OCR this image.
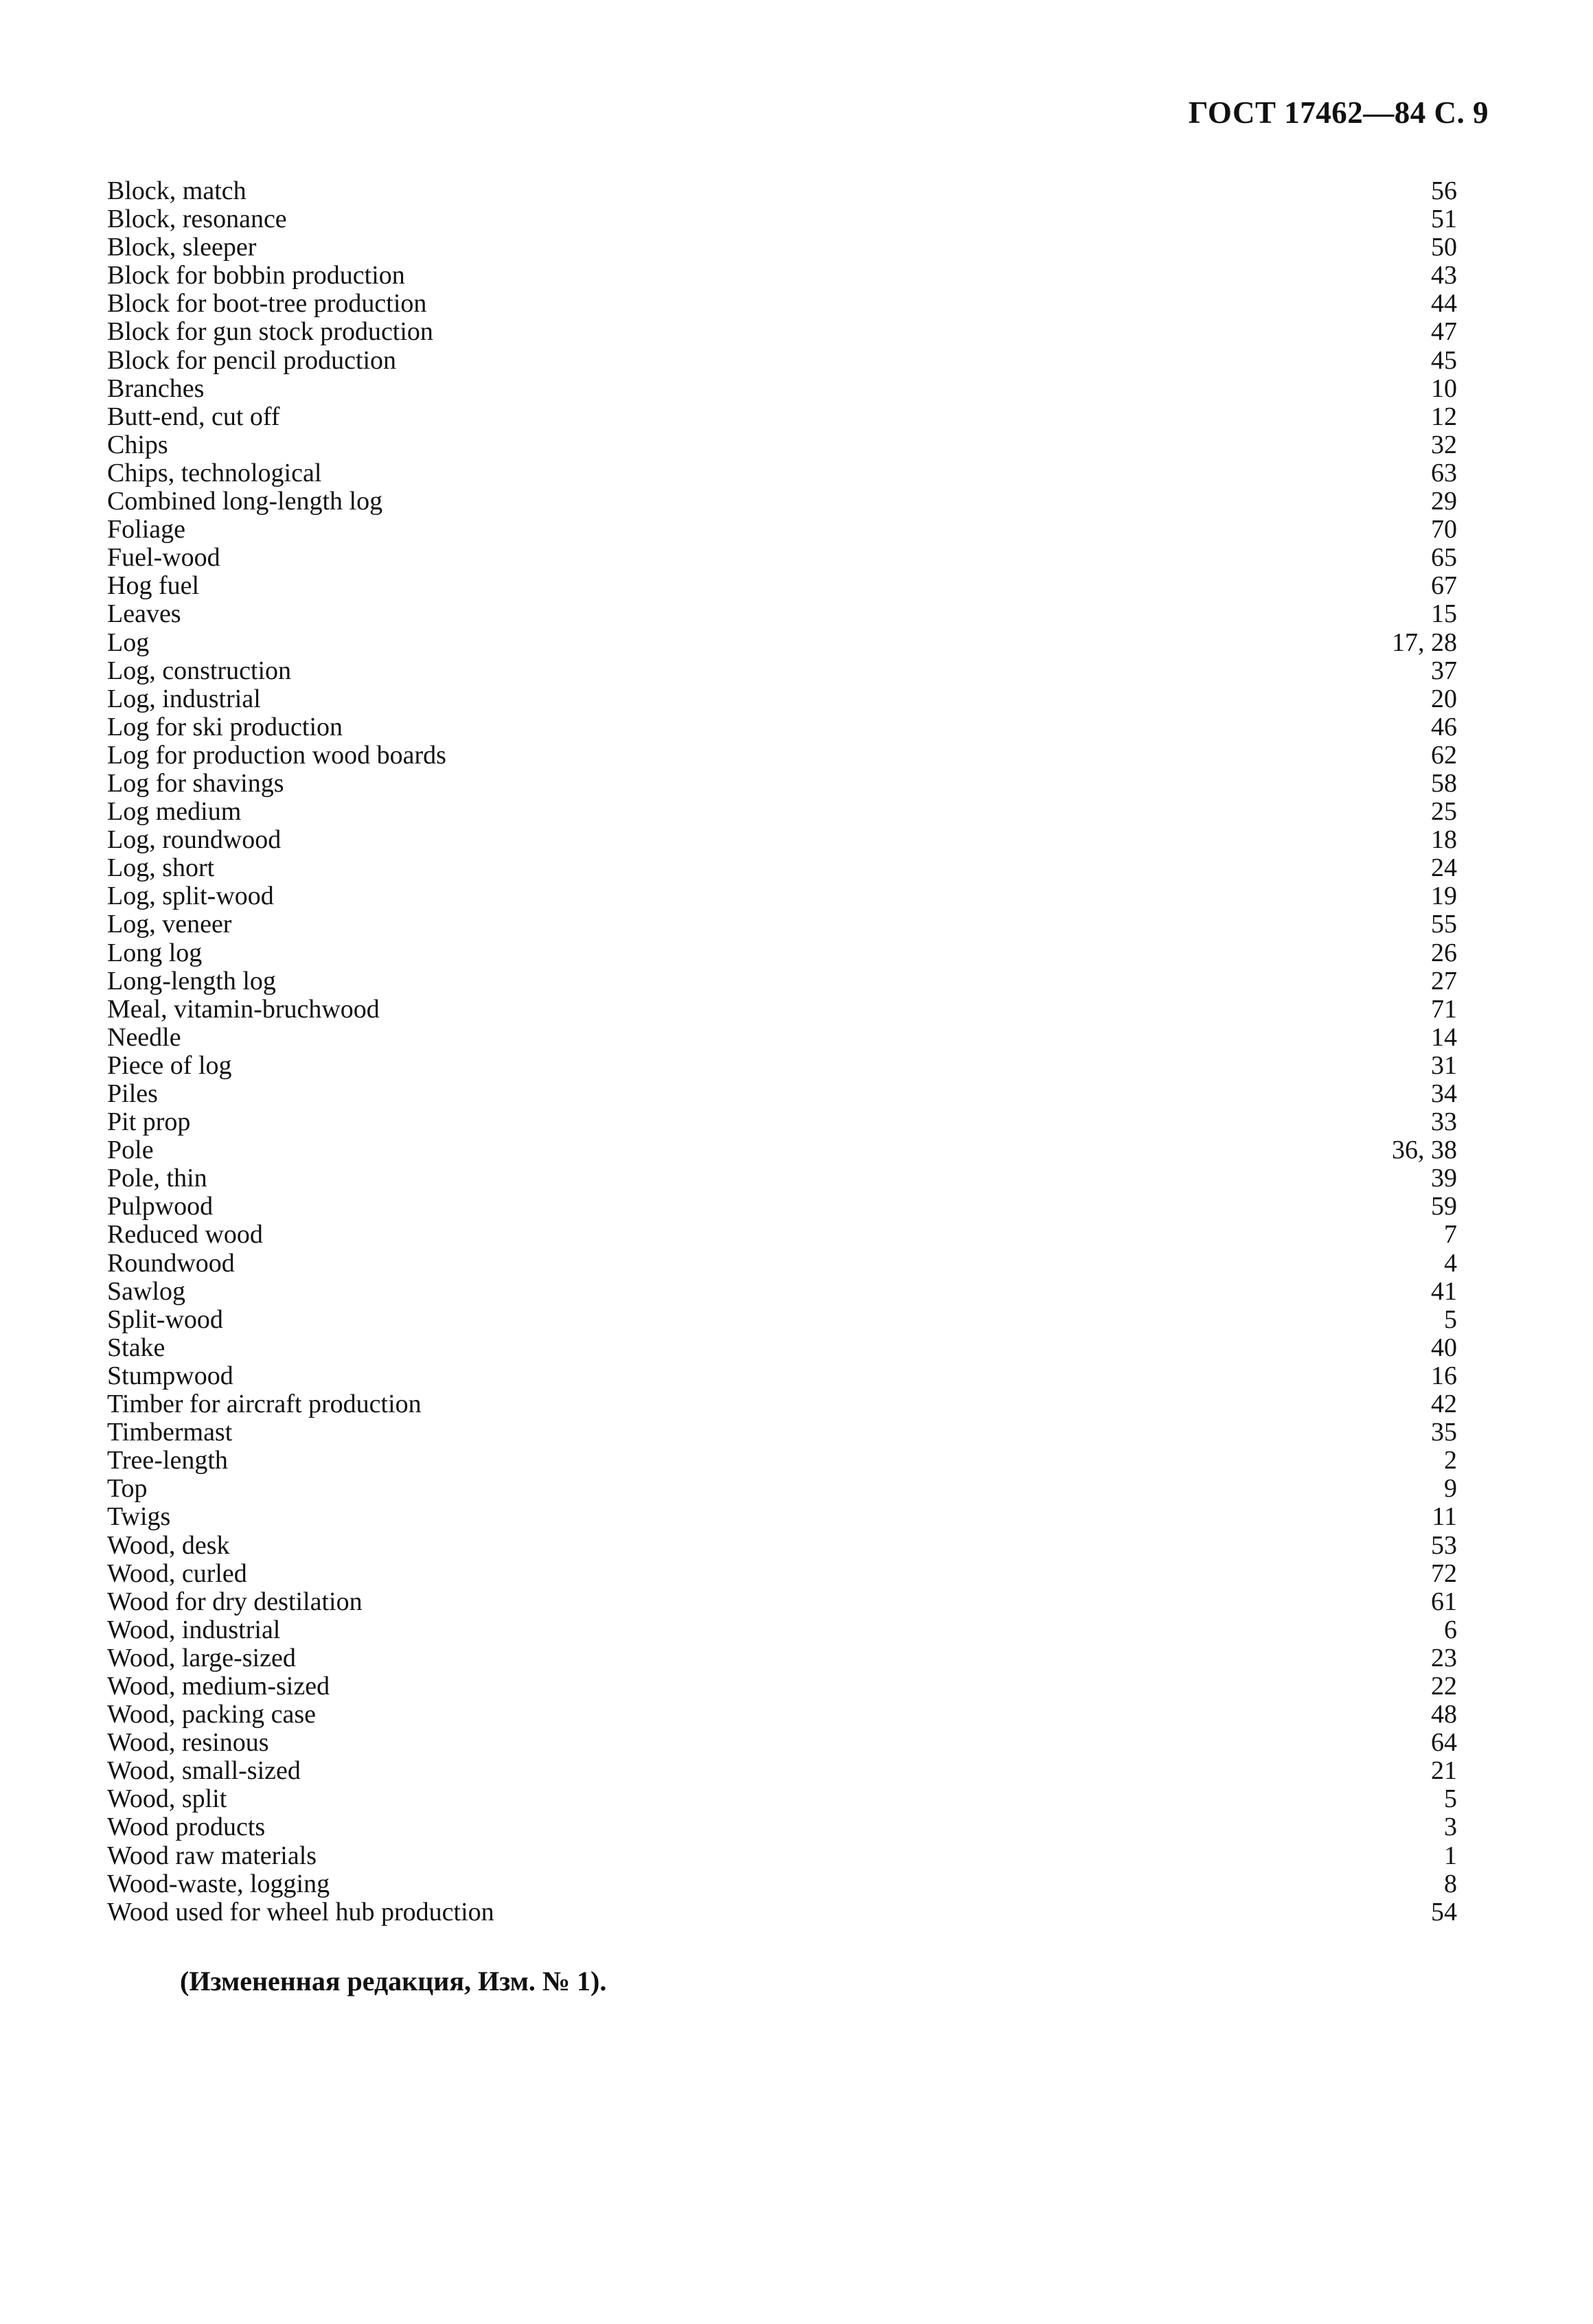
ГОСТ 17462—84 С. 9
Block, match	56
Block, resonance	51
Block, sleeper	50
Block for bobbin production	43
Block for boot-tree production	44
Block for gun stock production	47
Block for pencil production	45
Branches	10
Butt-end, cut off	12
Chips	32
Chips, technological	63
Combined long-length log	29
Foliage	70
Fuel-wood	65
Hog fuel	67
Leaves	15
Log	17, 28
Log, construction	37
Log, industrial	20
Log for ski production	46
Log for production wood boards	62
Log for shavings	58
Log medium	25
Log, roundwood	18
Log, short	24
Log, split-wood	19
Log, veneer	55
Long log	26
Long-length log	27
Meal, vitamin-bruchwood	71
Needle	14
Piece of log	31
Piles	34
Pit prop	33
Pole	36, 38
Pole, thin	39
Pulpwood	59
Reduced wood	7
Roundwood	4
Sawlog	41
Split-wood	5
Stake	40
Stumpwood	16
Timber for aircraft production	42
Timbermast	35
Tree-length	2
Top	9
Twigs	11
Wood, desk	53
Wood, curled	72
Wood for dry destilation	61
Wood, industrial	6
Wood, large-sized	23
Wood, medium-sized	22
Wood, packing case	48
Wood, resinous	64
Wood, small-sized	21
Wood, split	5
Wood products	3
Wood raw materials	1
Wood-waste, logging	8
Wood used for wheel hub production	54
(Измененная редакция, Изм. № 1).
